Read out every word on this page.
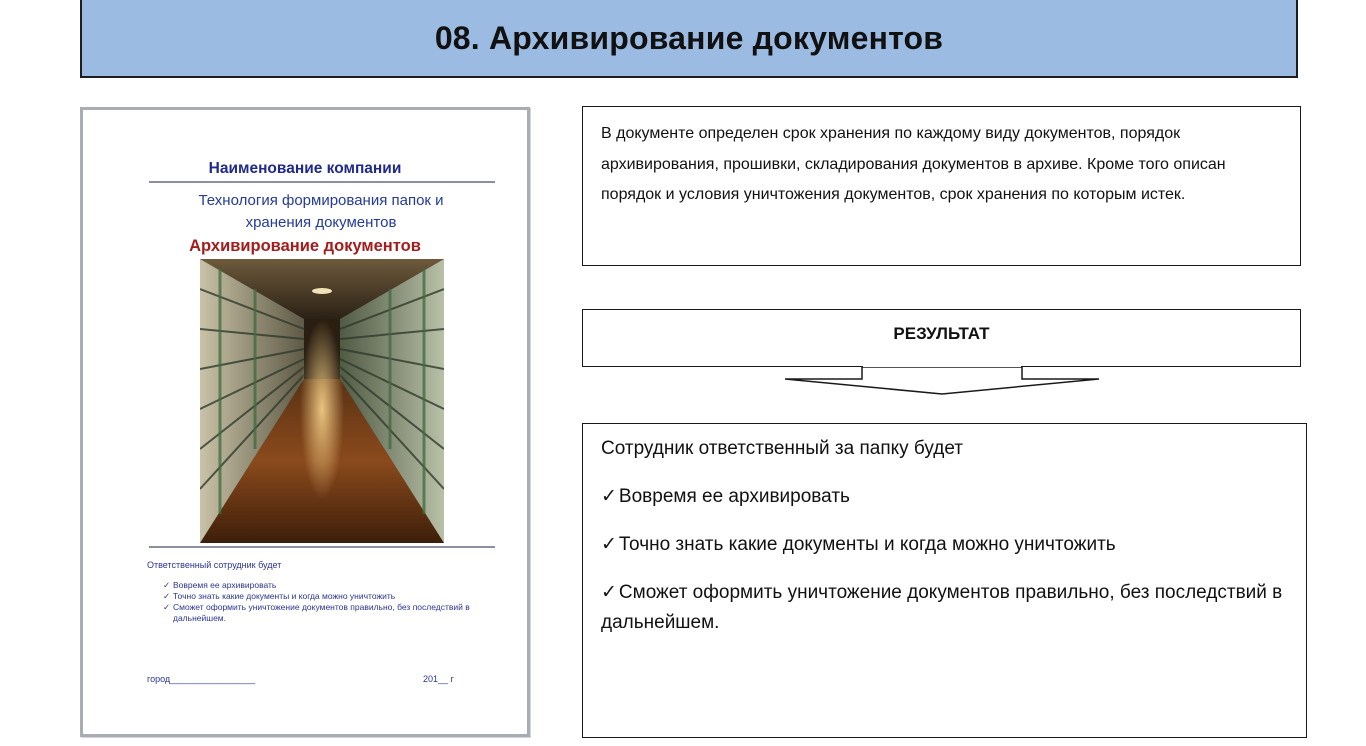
08. Архивирование документов
Наименование компании
Технология формирования папок и
хранения документов
Архивирование документов
Ответственный сотрудник будет
✓ Вовремя ее архивировать
✓ Точно знать какие документы и когда можно уничтожить
✓ Сможет оформить уничтожение документов правильно, без последствий в дальнейшем.
город_________________	201__ г

В документе определен срок хранения по каждому виду документов, порядок архивирования, прошивки, складирования документов в архиве. Кроме того описан порядок и условия уничтожения документов, срок хранения по которым истек.

РЕЗУЛЬТАТ

Сотрудник ответственный за папку будет

✓ Вовремя ее архивировать

✓ Точно знать какие документы и когда можно уничтожить

✓ Сможет оформить уничтожение документов правильно, без последствий в дальнейшем.
